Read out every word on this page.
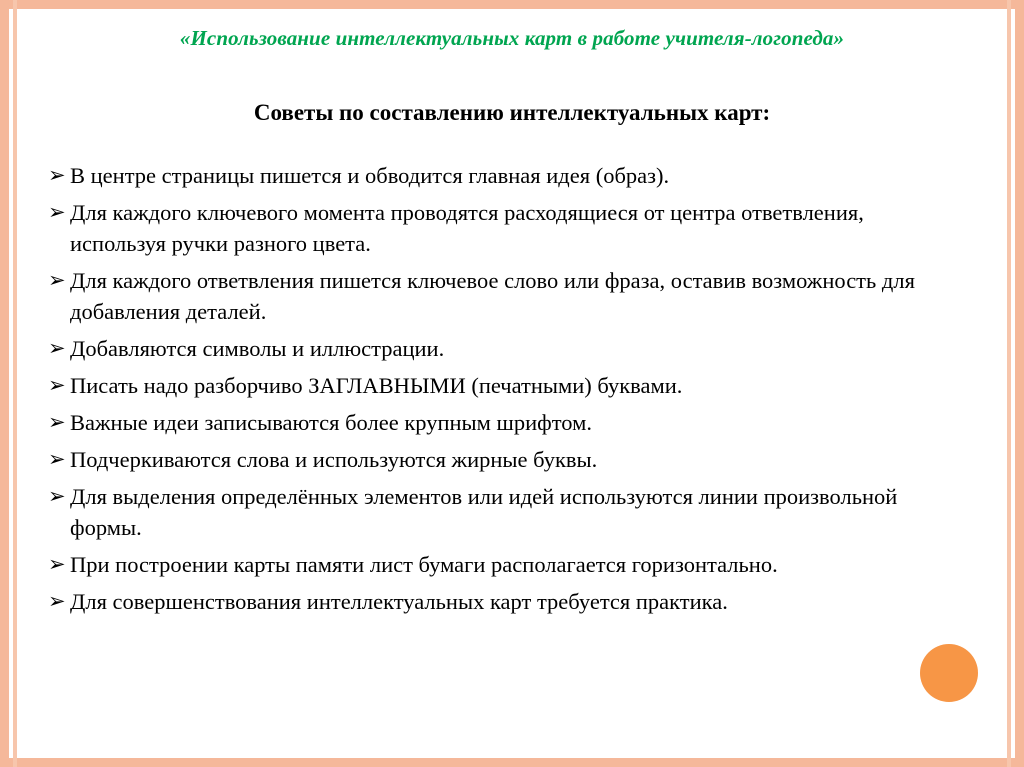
«Использование интеллектуальных карт в работе учителя-логопеда»
Советы по составлению интеллектуальных карт:
➢ В центре страницы пишется и обводится главная идея (образ).
➢ Для каждого ключевого момента проводятся расходящиеся от центра ответвления, используя ручки разного цвета.
➢ Для каждого ответвления пишется ключевое слово или фраза, оставив возможность для добавления деталей.
➢ Добавляются символы и иллюстрации.
➢ Писать надо разборчиво ЗАГЛАВНЫМИ (печатными) буквами.
➢ Важные идеи записываются более крупным шрифтом.
➢ Подчеркиваются слова и используются жирные буквы.
➢ Для выделения определённых элементов или идей используются линии произвольной формы.
➢ При построении карты памяти лист бумаги располагается горизонтально.
➢ Для совершенствования интеллектуальных карт требуется практика.
